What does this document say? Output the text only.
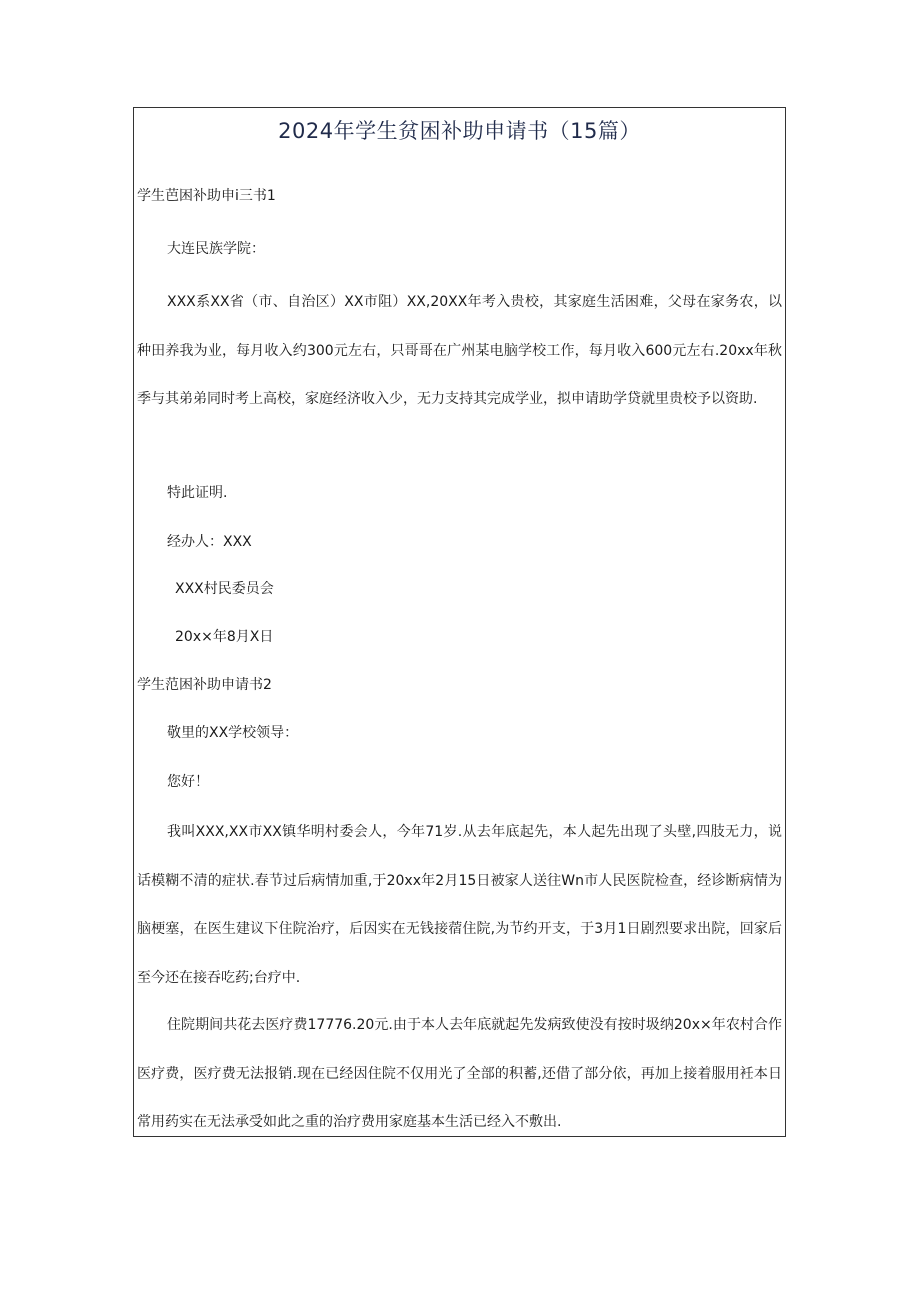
2024年学生贫困补助申请书（15篇）

学生芭困补助申i三书1

大连民族学院：

XXX系XX省（市、自治区）XX市阻）XX,20XX年考入贵校，其家庭生活困难，父母在家务农，以种田养我为业，每月收入约300元左右，只哥哥在广州某电脑学校工作，每月收入600元左右.20xx年秋季与其弟弟同时考上高校，家庭经济收入少，无力支持其完成学业，拟申请助学贷就里贵校予以资助.

特此证明.

经办人：XXX

XXX村民委员会

20x×年8月X日

学生范困补助申请书2

敬里的XX学校领导：

您好！

我叫XXX,XX市XX镇华明村委会人，今年71岁.从去年底起先，本人起先出现了头壁,四肢无力，说话模糊不清的症状.春节过后病情加重,于20xx年2月15日被家人送往Wn市人民医院检查，经诊断病情为脑梗塞，在医生建议下住院治疗，后因实在无钱接蓿住院,为节约开支，于3月1日剧烈要求出院，回家后至今还在接吞吃药;台疗中.

住院期间共花去医疗费17776.20元.由于本人去年底就起先发病致使没有按时圾纳20x×年农村合作医疗费，医疗费无法报销.现在已经因住院不仅用光了全部的积蓄,还借了部分依，再加上接着服用衽本日常用药实在无法承受如此之重的治疗费用家庭基本生活已经入不敷出.
